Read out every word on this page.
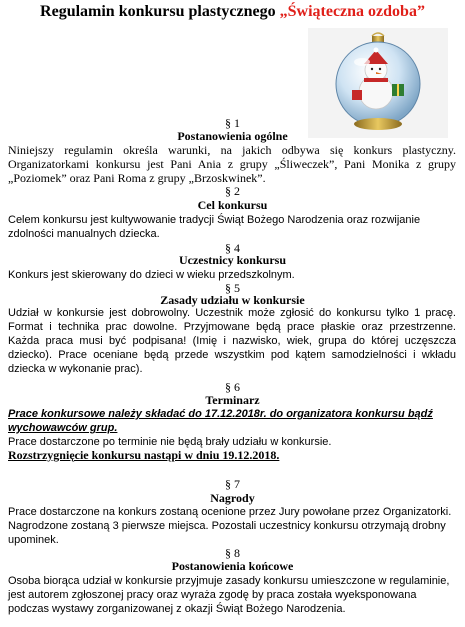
Regulamin konkursu plastycznego „Świąteczna ozdoba”
§ 1
Postanowienia ogólne
Niniejszy regulamin określa warunki, na jakich odbywa się konkurs plastyczny. Organizatorkami konkursu jest Pani Ania z grupy „Śliweczek”, Pani Monika z grupy „Poziomek” oraz Pani Roma z grupy „Brzoskwinek”.
§ 2
Cel konkursu
Celem konkursu jest kultywowanie tradycji Świąt Bożego Narodzenia oraz rozwijanie zdolności manualnych dziecka.
§ 4
Uczestnicy konkursu
Konkurs jest skierowany do dzieci w wieku przedszkolnym.
§ 5
Zasady udziału w konkursie
Udział w konkursie jest dobrowolny. Uczestnik może zgłosić do konkursu tylko 1 pracę. Format i technika prac dowolne. Przyjmowane będą prace płaskie oraz przestrzenne. Każda praca musi być podpisana! (Imię i nazwisko, wiek, grupa do której uczęszcza dziecko). Prace oceniane będą przede wszystkim pod kątem samodzielności i wkładu dziecka w wykonanie prac).
§ 6
Terminarz
Prace konkursowe należy składać do 17.12.2018r. do organizatora konkursu bądź wychowawców grup.
Prace dostarczone po terminie nie będą brały udziału w konkursie.
Rozstrzygnięcie konkursu nastąpi w dniu 19.12.2018.
§ 7
Nagrody
Prace dostarczone na konkurs zostaną ocenione przez Jury powołane przez Organizatorki. Nagrodzone zostaną 3 pierwsze miejsca. Pozostali uczestnicy konkursu otrzymają drobny upominek.
§ 8
Postanowienia końcowe
Osoba biorąca udział w konkursie przyjmuje zasady konkursu umieszczone w regulaminie, jest autorem zgłoszonej pracy oraz wyraża zgodę by praca została wyeksponowana podczas wystawy zorganizowanej z okazji Świąt Bożego Narodzenia.
